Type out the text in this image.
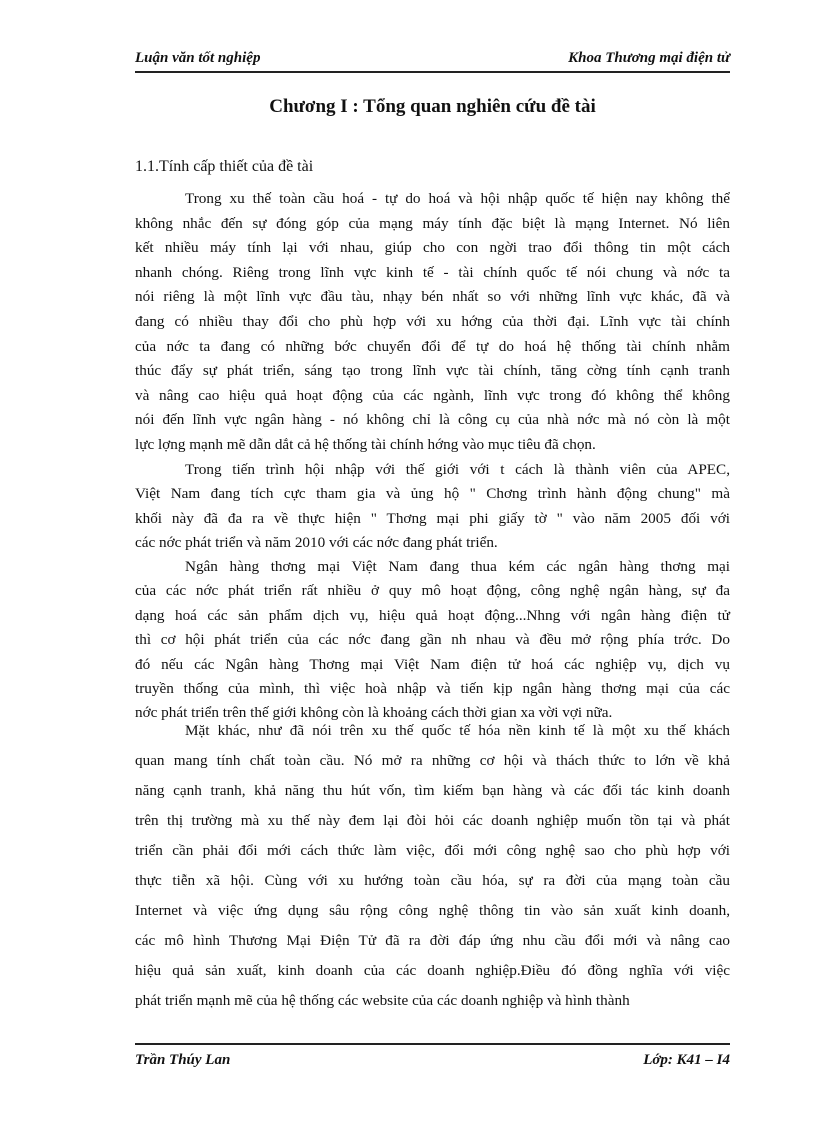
Luận văn tốt nghiệp	Khoa Thương mại điện tử
Chương I : Tổng quan nghiên cứu đề tài
1.1.Tính cấp thiết của đề tài
Trong xu thế toàn cầu hoá - tự do hoá và hội nhập quốc tế hiện nay không thể
không nhắc đến sự đóng góp của mạng máy tính đặc biệt là mạng Internet. Nó liên
kết nhiều máy tính lại với nhau, giúp cho con ngời trao đổi thông tin một cách
nhanh chóng. Riêng trong lĩnh vực kinh tế - tài chính quốc tế nói chung và nớc ta
nói riêng là một lĩnh vực đầu tàu, nhạy bén nhất so với những lĩnh vực khác, đã và
đang có nhiều thay đổi cho phù hợp với xu hớng của thời đại. Lĩnh vực tài chính
của nớc ta đang có những bớc chuyển đổi để tự do hoá hệ thống tài chính nhằm
thúc đẩy sự phát triển, sáng tạo trong lĩnh vực tài chính, tăng cờng tính cạnh tranh
và nâng cao hiệu quả hoạt động của các ngành, lĩnh vực trong đó không thể không
nói đến lĩnh vực ngân hàng - nó không chỉ là công cụ của nhà nớc mà nó còn là một
lực lợng mạnh mẽ dẫn dắt cả hệ thống tài chính hớng vào mục tiêu đã chọn.
Trong tiến trình hội nhập với thế giới với t cách là thành viên của APEC,
Việt Nam đang tích cực tham gia và ủng hộ " Chơng trình hành động chung" mà
khối này đã đa ra về thực hiện " Thơng mại phi giấy tờ " vào năm 2005 đối với
các nớc phát triển và năm 2010 với các nớc đang phát triển.
Ngân hàng thơng mại Việt Nam đang thua kém các ngân hàng thơng mại
của các nớc phát triển rất nhiều ở quy mô hoạt động, công nghệ ngân hàng, sự đa
dạng hoá các sản phẩm dịch vụ, hiệu quả hoạt động...Nhng với ngân hàng điện tử
thì cơ hội phát triển của các nớc đang gần nh nhau và đều mở rộng phía trớc. Do
đó nếu các Ngân hàng Thơng mại Việt Nam điện tử hoá các nghiệp vụ, dịch vụ
truyền thống của mình, thì việc hoà nhập và tiến kịp ngân hàng thơng mại của các
nớc phát triển trên thế giới không còn là khoảng cách thời gian xa vời vợi nữa.
Mặt khác, như đã nói trên xu thế quốc tế hóa nền kinh tế là một xu thế khách
quan mang tính chất toàn cầu. Nó mở ra những cơ hội và thách thức to lớn về khả
năng cạnh tranh, khả năng thu hút vốn, tìm kiếm bạn hàng và các đối tác kinh doanh
trên thị trường mà xu thế này đem lại đòi hỏi các doanh nghiệp muốn tồn tại và phát
triển cần phải đổi mới cách thức làm việc, đổi mới công nghệ sao cho phù hợp với
thực tiễn xã hội. Cùng với xu hướng toàn cầu hóa, sự ra đời của mạng toàn cầu
Internet và việc ứng dụng sâu rộng công nghệ thông tin vào sản xuất kinh doanh,
các mô hình Thương Mại Điện Tử đã ra đời đáp ứng nhu cầu đổi mới và nâng cao
hiệu quả sản xuất, kinh doanh của các doanh nghiệp.Điều đó đồng nghĩa với việc
phát triển mạnh mẽ của hệ thống các website của các doanh nghiệp và hình thành
Trần Thúy Lan	Lớp: K41 – I4
